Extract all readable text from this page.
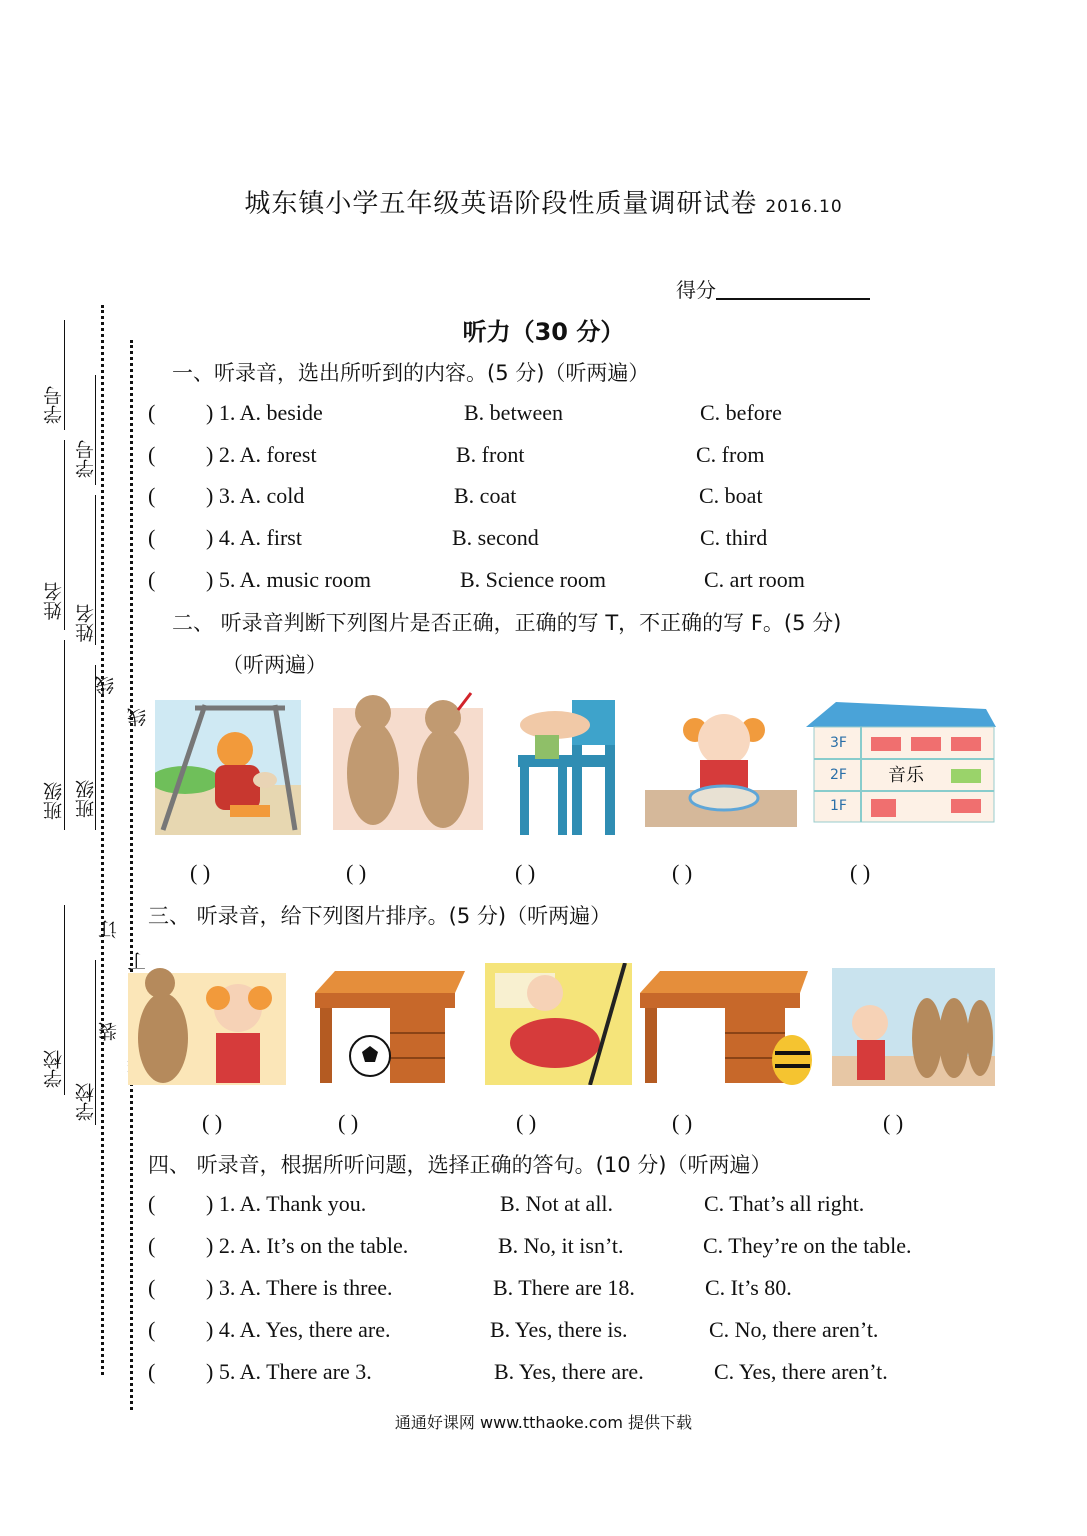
城东镇小学五年级英语阶段性质量调研试卷 2016.10
得分
听力（30 分）
学号
姓名
班级
学校
学号
姓名
班级
学校
线
线
订
丁
装
一、听录音，选出所听到的内容。(5 分)（听两遍）
( ) 1. A. beside	B. between	C. before
( ) 2. A. forest	B. front	C. from
( ) 3. A. cold	B. coat	C. boat
( ) 4. A. first	B. second	C. third
( ) 5. A. music room	B. Science room	C. art room
二、 听录音判断下列图片是否正确，正确的写 T，不正确的写 F。(5 分)
（听两遍）
3F
2F
1F
音乐
( )	( )	( )	( )	( )
三、 听录音，给下列图片排序。(5 分)（听两遍）
( )	( )	( )	( )	( )
四、 听录音，根据所听问题，选择正确的答句。(10 分)（听两遍）
( ) 1. A. Thank you.	B. Not at all.	C. That’s all right.
( ) 2. A. It’s on the table.	B. No, it isn’t.	C. They’re on the table.
( ) 3. A. There is three.	B. There are 18.	C. It’s 80.
( ) 4. A. Yes, there are.	B. Yes, there is.	C. No, there aren’t.
( ) 5. A. There are 3.	B. Yes, there are.	C. Yes, there aren’t.
通通好课网 www.tthaoke.com 提供下载
